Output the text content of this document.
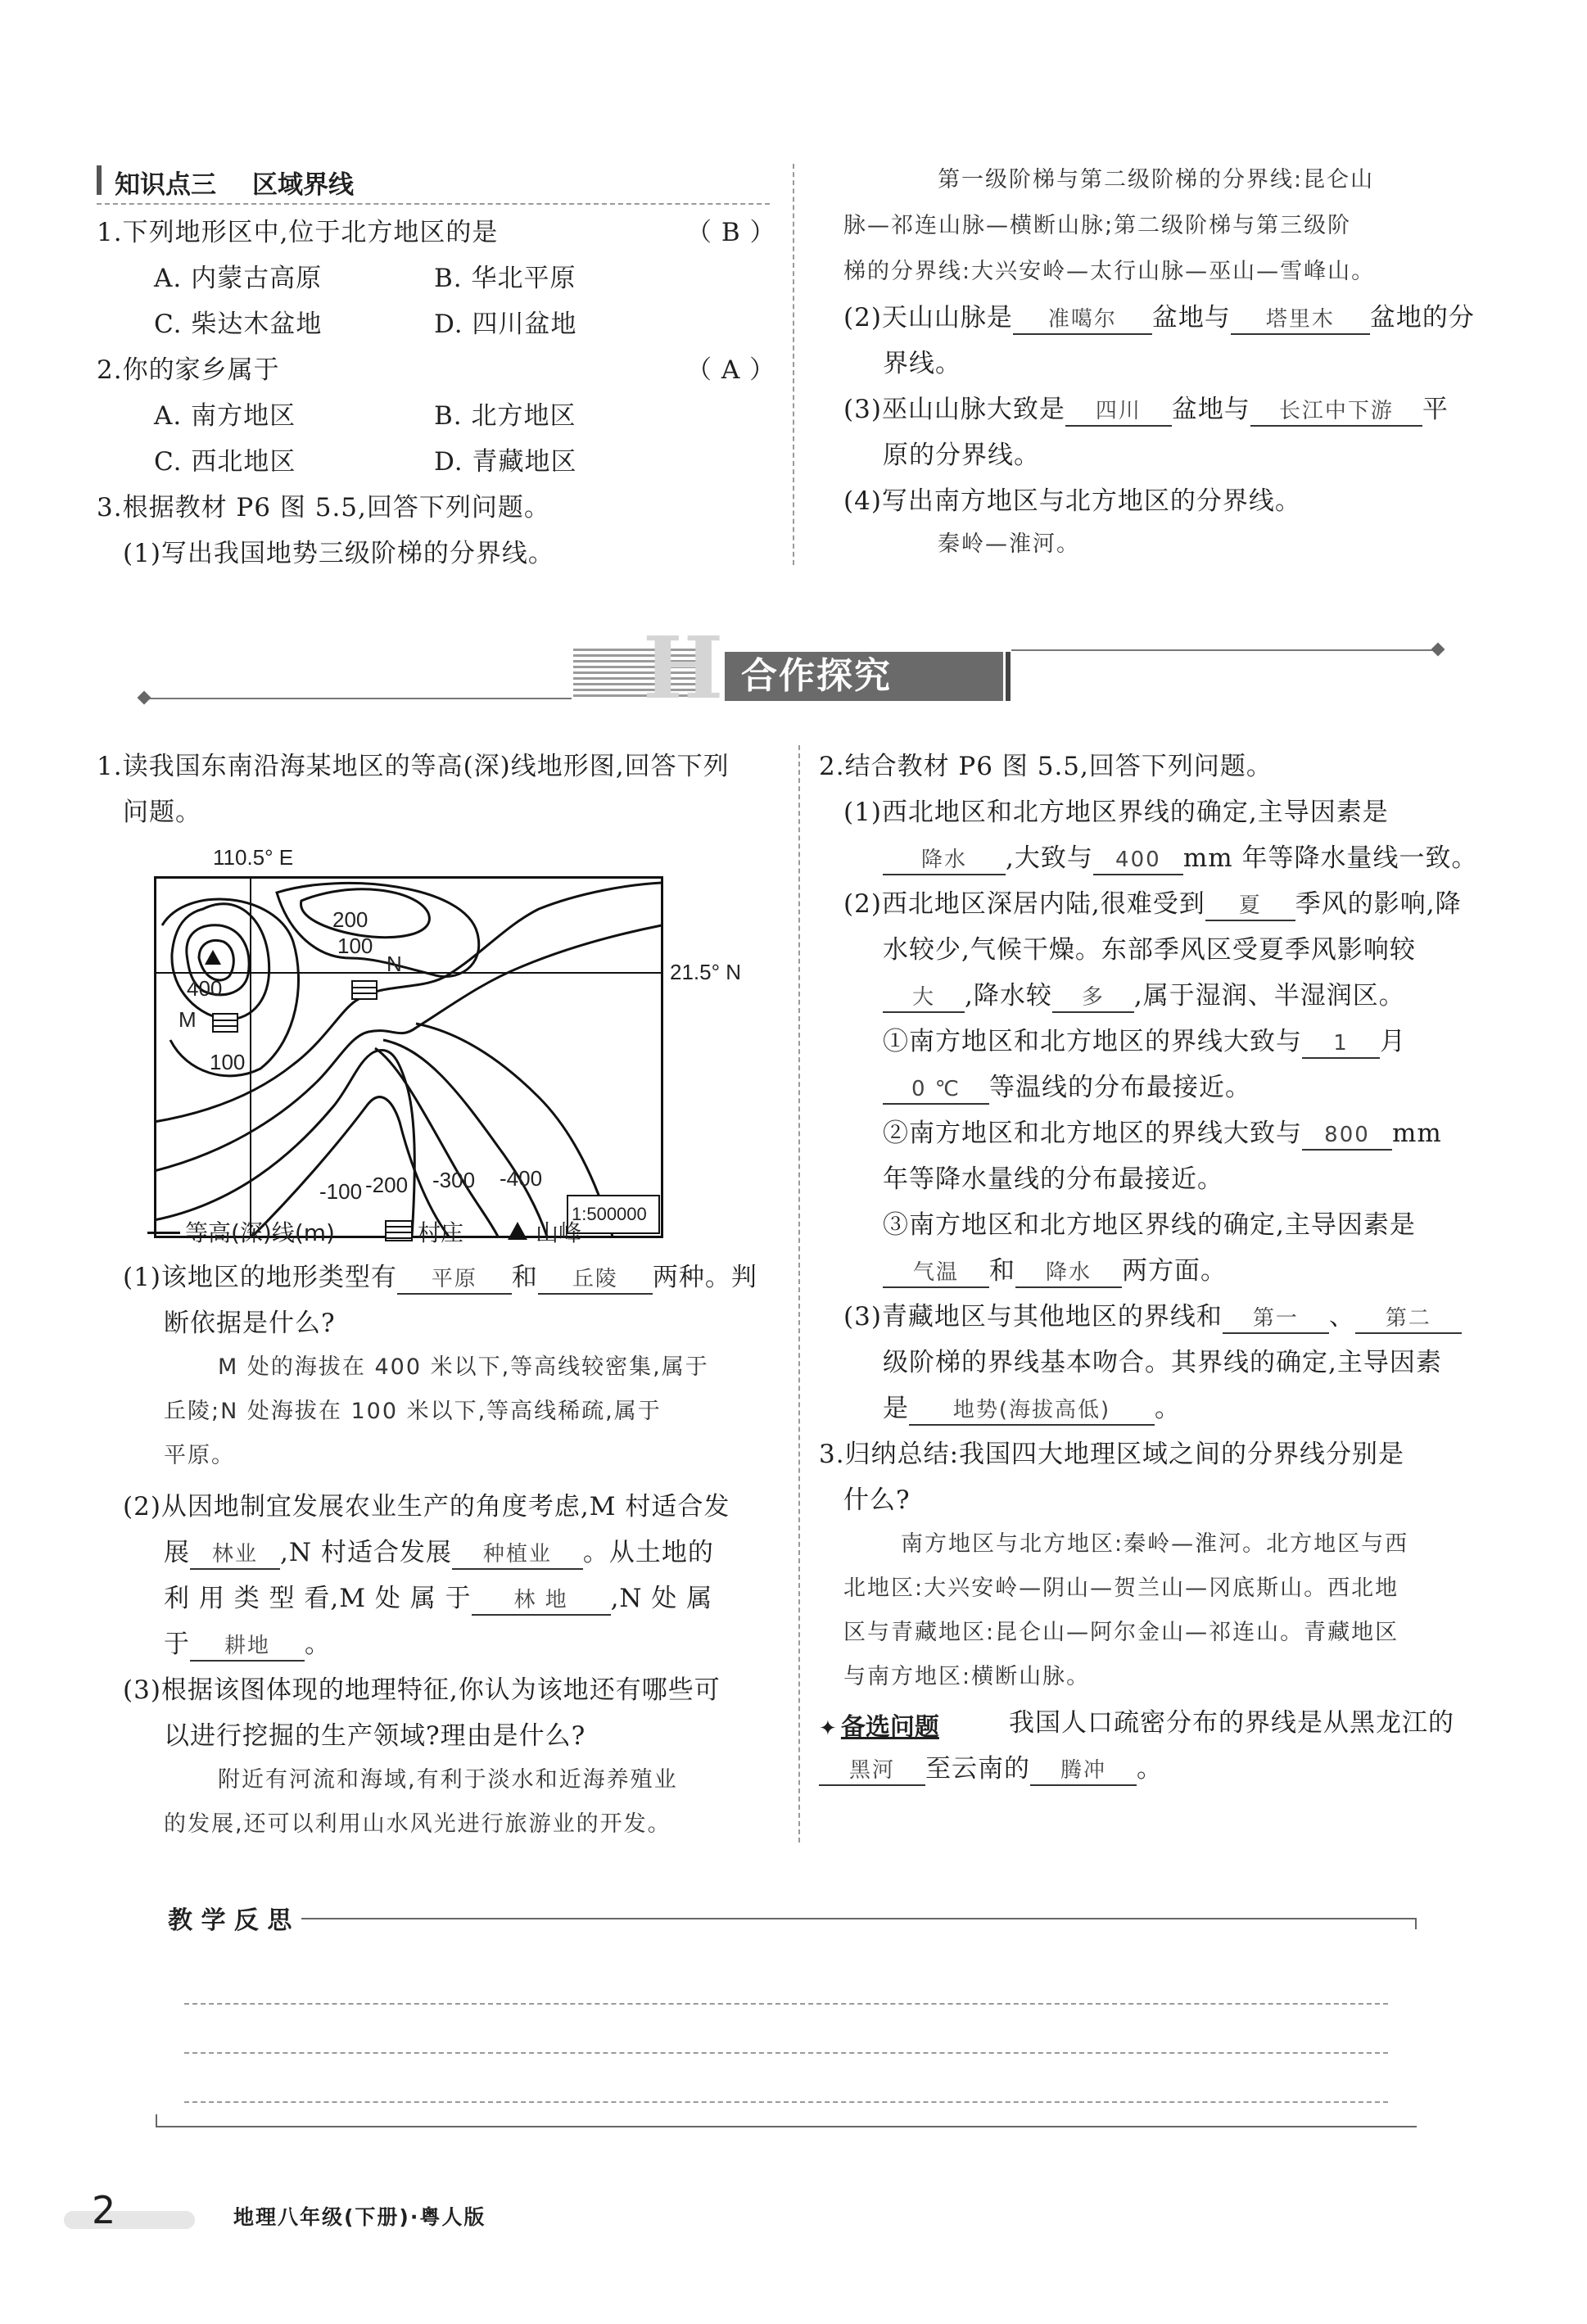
知识点三 区域界线
1.下列地形区中,位于北方地区的是	（ B ）
A. 内蒙古高原	B. 华北平原
C. 柴达木盆地	D. 四川盆地
2.你的家乡属于	（ A ）
A. 南方地区	B. 北方地区
C. 西北地区	D. 青藏地区
3.根据教材 P6 图 5.5,回答下列问题。
(1)写出我国地势三级阶梯的分界线。
第一级阶梯与第二级阶梯的分界线:昆仑山
脉—祁连山脉—横断山脉;第二级阶梯与第三级阶
梯的分界线:大兴安岭—太行山脉—巫山—雪峰山。
(2)天山山脉是 准噶尔 盆地与 塔里木 盆地的分
界线。
(3)巫山山脉大致是 四川 盆地与 长江中下游 平
原的分界线。
(4)写出南方地区与北方地区的分界线。
秦岭—淮河。
H 合作探究
1.读我国东南沿海某地区的等高(深)线地形图,回答下列
问题。
110.5° E
21.5° N
200
100
400
100
M
N
-100 -200 -300 -400
1:500000
等高(深)线(m)	村庄	山峰
(1)该地区的地形类型有 平原 和 丘陵 两种。判
断依据是什么?
M 处的海拔在 400 米以下,等高线较密集,属于
丘陵;N 处海拔在 100 米以下,等高线稀疏,属于
平原。
(2)从因地制宜发展农业生产的角度考虑,M 村适合发
展 林业 ,N 村适合发展 种植业 。从土地的
利 用 类 型 看,M 处 属 于 林 地 ,N 处 属
于 耕地 。
(3)根据该图体现的地理特征,你认为该地还有哪些可
以进行挖掘的生产领域?理由是什么?
附近有河流和海域,有利于淡水和近海养殖业
的发展,还可以利用山水风光进行旅游业的开发。
2.结合教材 P6 图 5.5,回答下列问题。
(1)西北地区和北方地区界线的确定,主导因素是
降水 ,大致与 400 mm 年等降水量线一致。
(2)西北地区深居内陆,很难受到 夏 季风的影响,降
水较少,气候干燥。东部季风区受夏季风影响较
大 ,降水较 多 ,属于湿润、半湿润区。
①南方地区和北方地区的界线大致与 1 月
0 ℃ 等温线的分布最接近。
②南方地区和北方地区的界线大致与 800 mm
年等降水量线的分布最接近。
③南方地区和北方地区界线的确定,主导因素是
气温 和 降水 两方面。
(3)青藏地区与其他地区的界线和 第一 、 第二
级阶梯的界线基本吻合。其界线的确定,主导因素
是 地势(海拔高低) 。
3.归纳总结:我国四大地理区域之间的分界线分别是
什么?
南方地区与北方地区:秦岭—淮河。北方地区与西
北地区:大兴安岭—阴山—贺兰山—冈底斯山。西北地
区与青藏地区:昆仑山—阿尔金山—祁连山。青藏地区
与南方地区:横断山脉。
✦ 备选问题	我国人口疏密分布的界线是从黑龙江的
黑河 至云南的 腾冲 。
教 学 反 思
2	地理八年级(下册)·粤人版
